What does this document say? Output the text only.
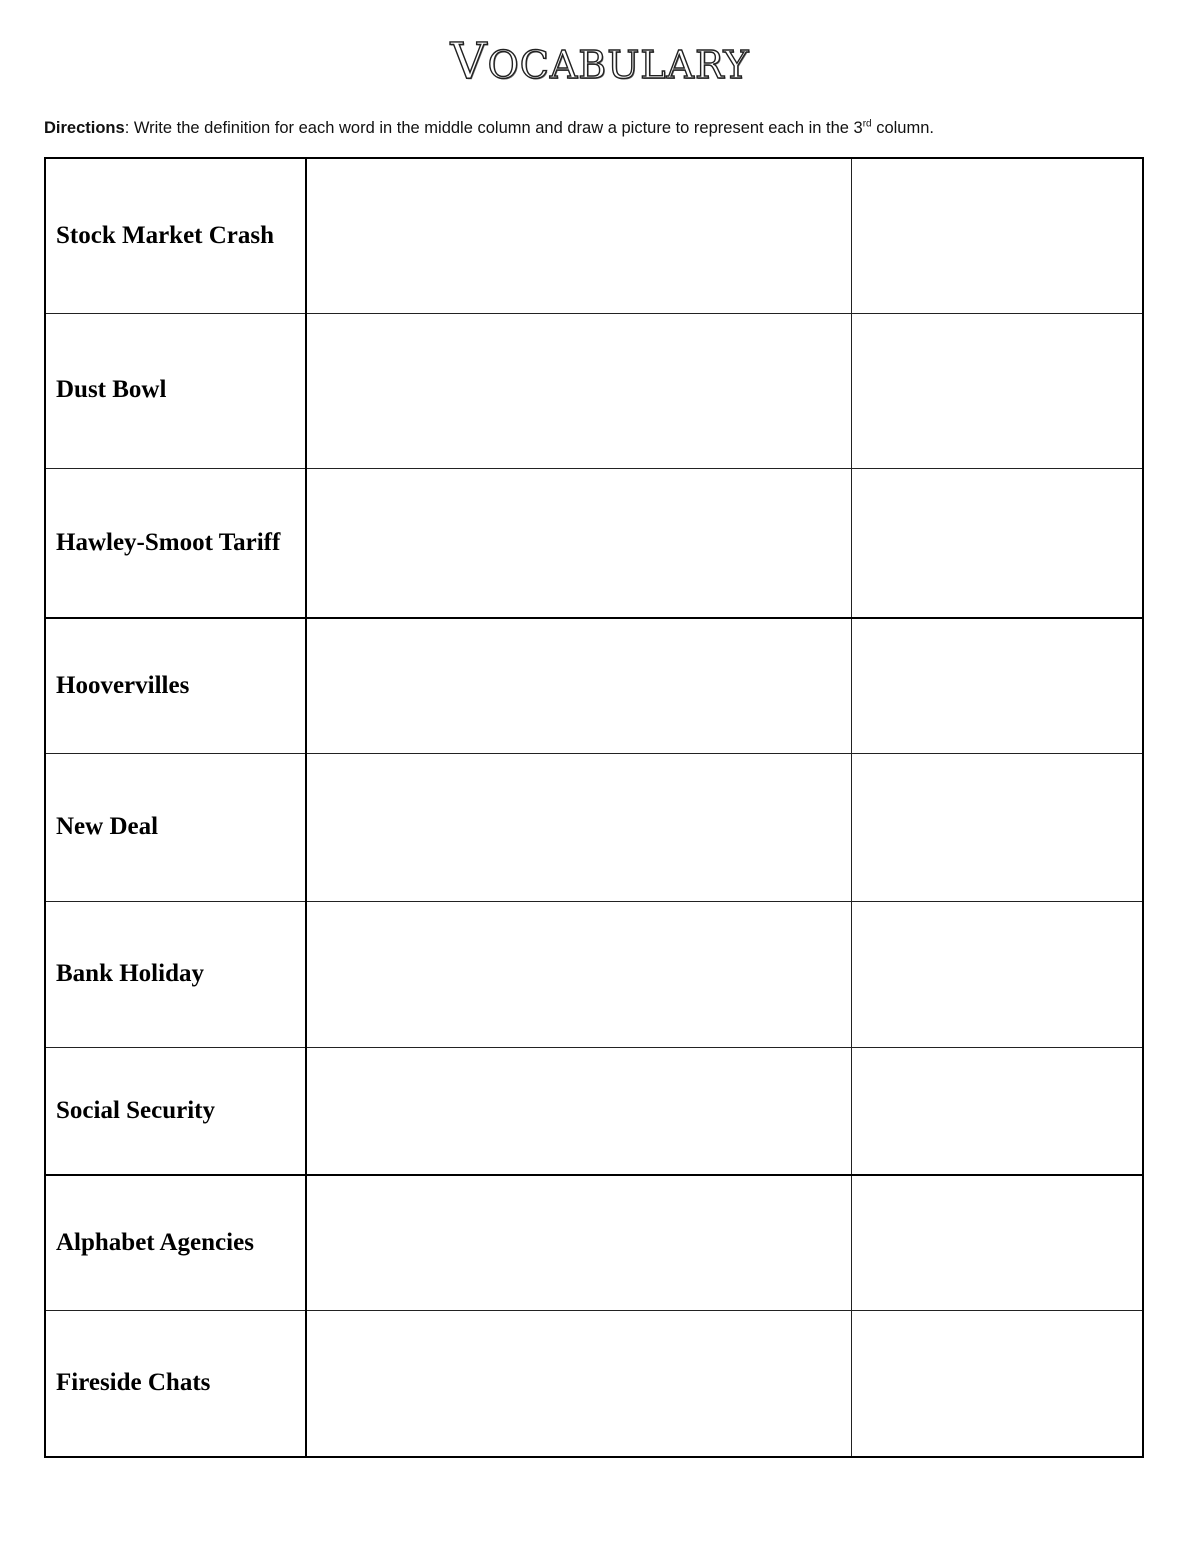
VOCABULARY
Directions: Write the definition for each word in the middle column and draw a picture to represent each in the 3rd column.
Stock Market Crash		
Dust Bowl		
Hawley-Smoot Tariff		
Hoovervilles		
New Deal		
Bank Holiday		
Social Security		
Alphabet Agencies		
Fireside Chats		
